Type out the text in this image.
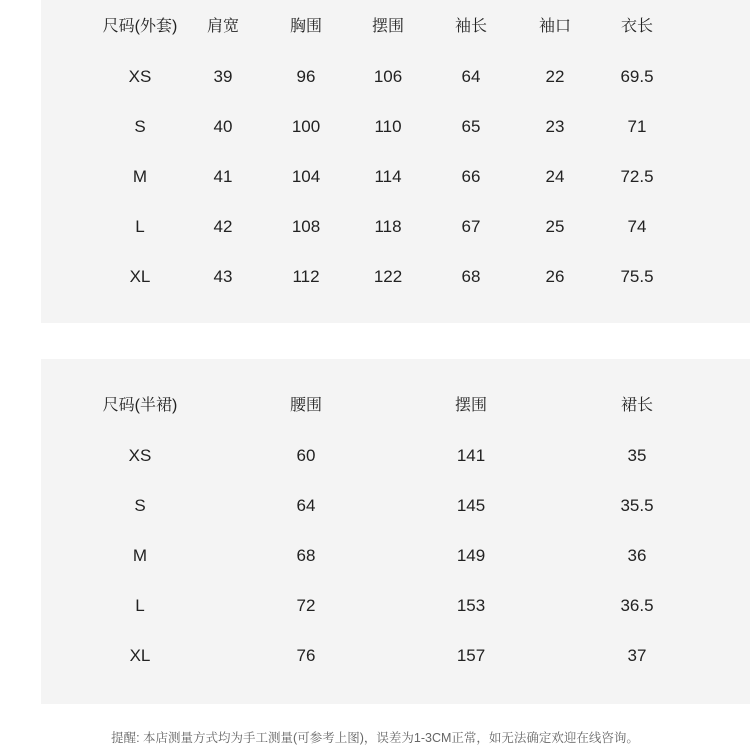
尺码(外套)	肩宽	胸围	摆围	袖长	袖口	衣长
XS	39	96	106	64	22	69.5
S	40	100	110	65	23	71
M	41	104	114	66	24	72.5
L	42	108	118	67	25	74
XL	43	112	122	68	26	75.5
尺码(半裙)	腰围	摆围	裙长
XS	60	141	35
S	64	145	35.5
M	68	149	36
L	72	153	36.5
XL	76	157	37
提醒: 本店测量方式均为手工测量(可参考上图)，误差为1-3CM正常，如无法确定欢迎在线咨询。
